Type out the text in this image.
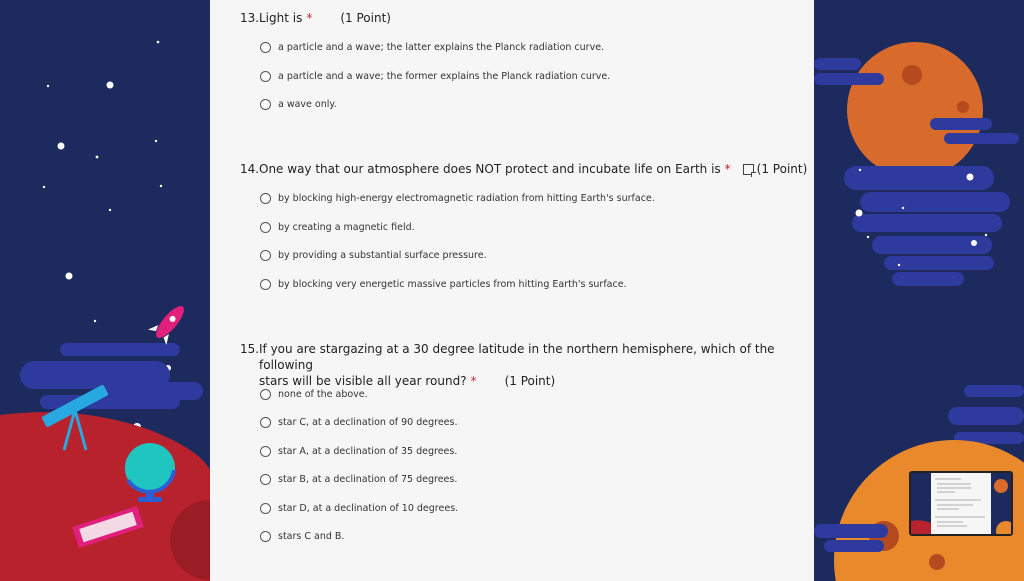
13. Light is * (1 Point)
a particle and a wave; the latter explains the Planck radiation curve.
a particle and a wave; the former explains the Planck radiation curve.
a wave only.
14. One way that our atmosphere does NOT protect and incubate life on Earth is * (1 Point)
by blocking high-energy electromagnetic radiation from hitting Earth's surface.
by creating a magnetic field.
by providing a substantial surface pressure.
by blocking very energetic massive particles from hitting Earth's surface.
15. If you are stargazing at a 30 degree latitude in the northern hemisphere, which of the following
stars will be visible all year round? * (1 Point)
none of the above.
star C, at a declination of 90 degrees.
star A, at a declination of 35 degrees.
star B, at a declination of 75 degrees.
star D, at a declination of 10 degrees.
stars C and B.
